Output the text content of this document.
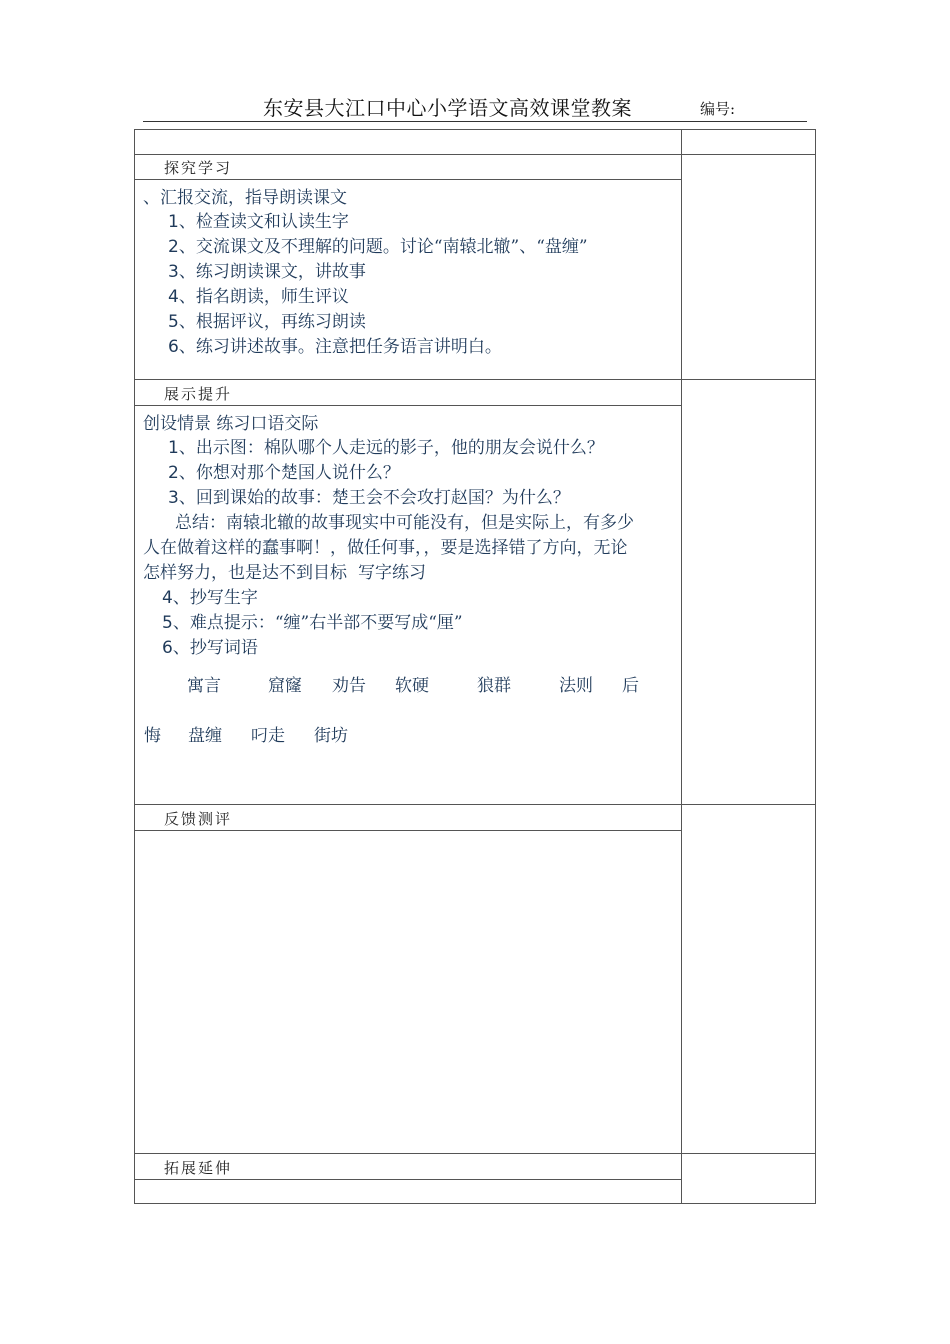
东安县大江口中心小学语文高效课堂教案	编号:
探究学习
、汇报交流，指导朗读课文
1、检查读文和认读生字
2、交流课文及不理解的问题。讨论“南辕北辙”、“盘缠”
3、练习朗读课文，讲故事
4、指名朗读，师生评议
5、根据评议，再练习朗读
6、练习讲述故事。注意把任务语言讲明白。
展示提升
创设情景 练习口语交际
1、出示图：棉队哪个人走远的影子，他的朋友会说什么？
2、你想对那个楚国人说什么？
3、回到课始的故事：楚王会不会攻打赵国？为什么？
总结：南辕北辙的故事现实中可能没有，但是实际上，有多少
人在做着这样的蠢事啊！，做任何事，，要是选择错了方向，无论
怎样努力，也是达不到目标 写字练习
4、抄写生字
5、难点提示：“缠”右半部不要写成“厘”
6、抄写词语
寓言	窟窿 劝告 软硬	狼群	法则 后
悔 盘缠 叼走 街坊
反馈测评
拓展延伸
